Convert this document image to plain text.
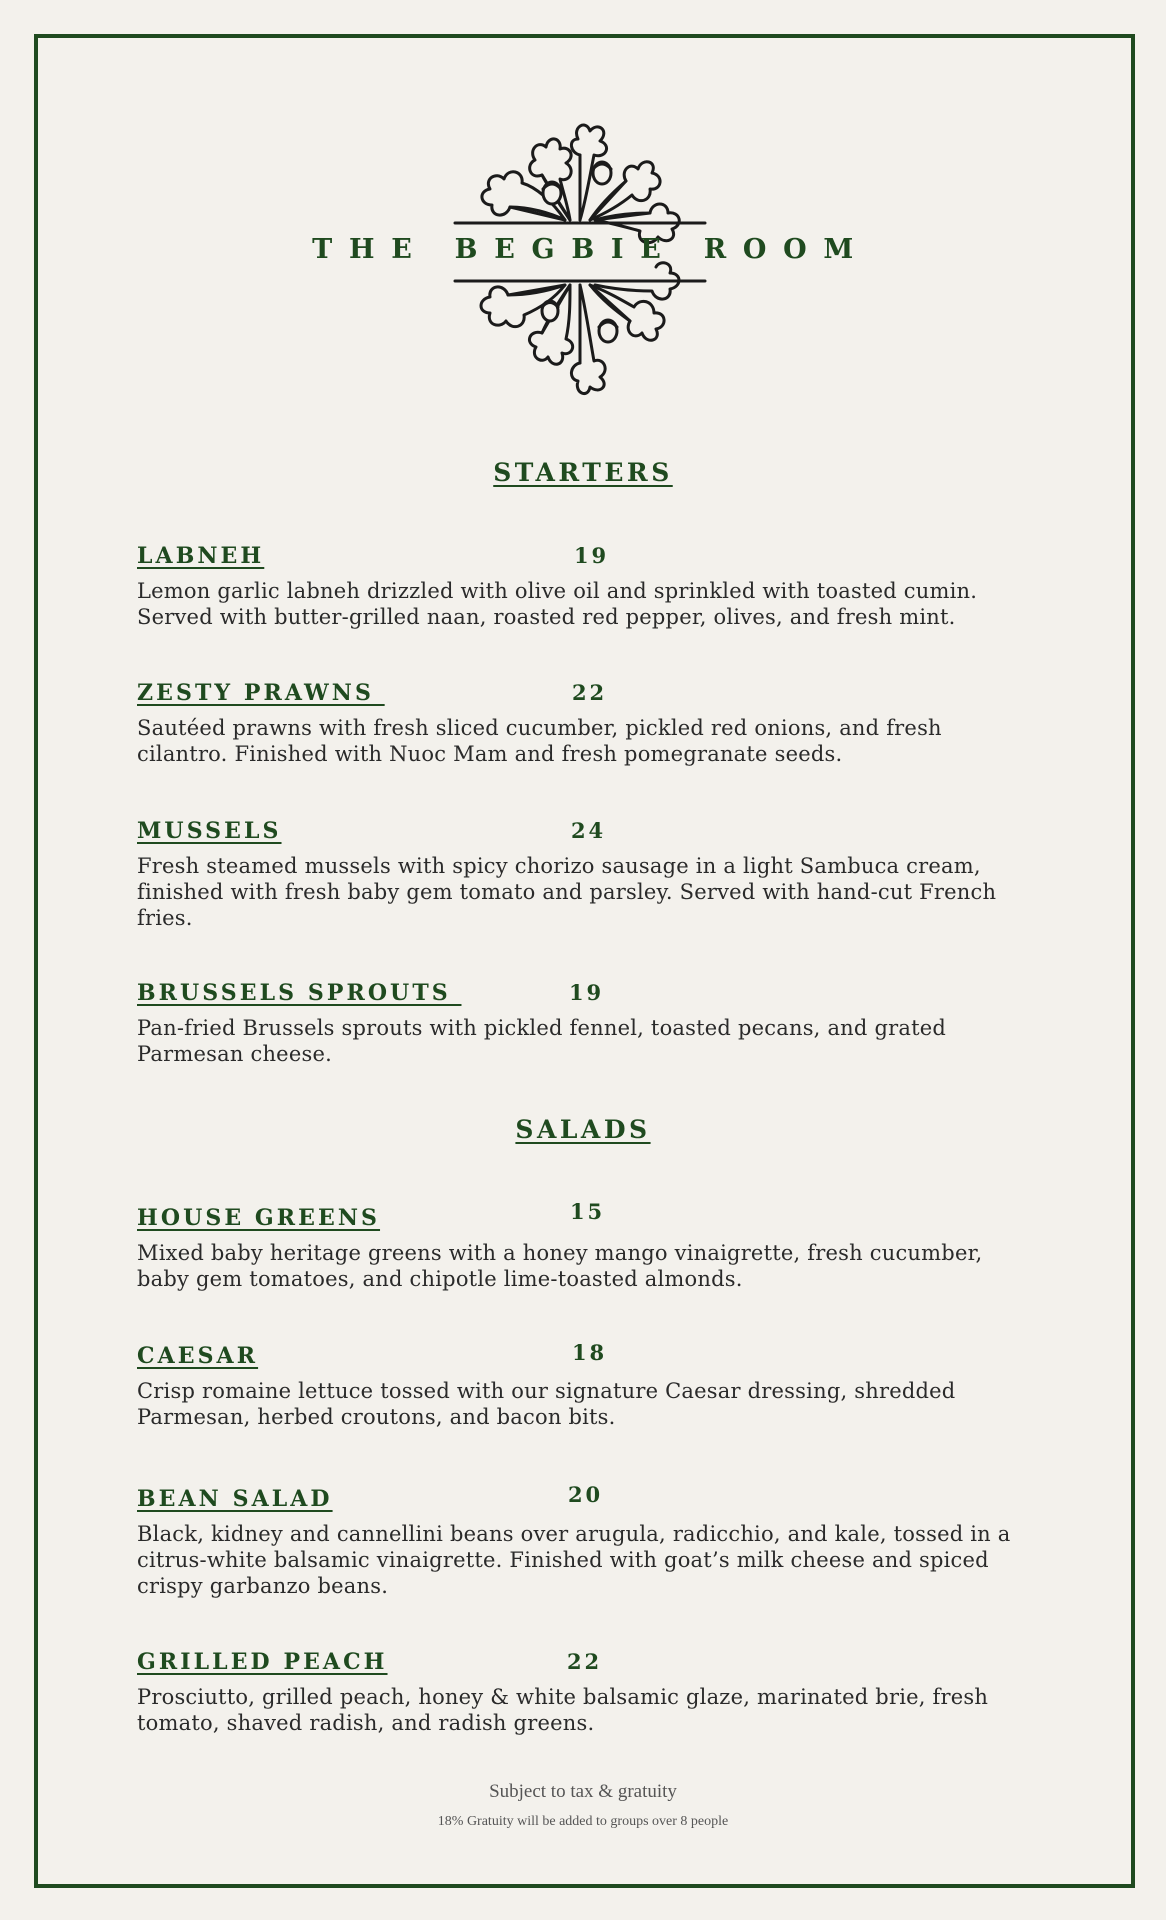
THE BEGBIE ROOM
STARTERS
LABNEH	19
Lemon garlic labneh drizzled with olive oil and sprinkled with toasted cumin. Served with butter-grilled naan, roasted red pepper, olives, and fresh mint.
ZESTY PRAWNS	22
Sautéed prawns with fresh sliced cucumber, pickled red onions, and fresh cilantro. Finished with Nuoc Mam and fresh pomegranate seeds.
MUSSELS	24
Fresh steamed mussels with spicy chorizo sausage in a light Sambuca cream, finished with fresh baby gem tomato and parsley. Served with hand-cut French fries.
BRUSSELS SPROUTS	19
Pan-fried Brussels sprouts with pickled fennel, toasted pecans, and grated Parmesan cheese.
SALADS
HOUSE GREENS	15
Mixed baby heritage greens with a honey mango vinaigrette, fresh cucumber, baby gem tomatoes, and chipotle lime-toasted almonds.
CAESAR	18
Crisp romaine lettuce tossed with our signature Caesar dressing, shredded Parmesan, herbed croutons, and bacon bits.
BEAN SALAD	20
Black, kidney and cannellini beans over arugula, radicchio, and kale, tossed in a citrus-white balsamic vinaigrette. Finished with goat’s milk cheese and spiced crispy garbanzo beans.
GRILLED PEACH	22
Prosciutto, grilled peach, honey & white balsamic glaze, marinated brie, fresh tomato, shaved radish, and radish greens.
Subject to tax & gratuity
18% Gratuity will be added to groups over 8 people
